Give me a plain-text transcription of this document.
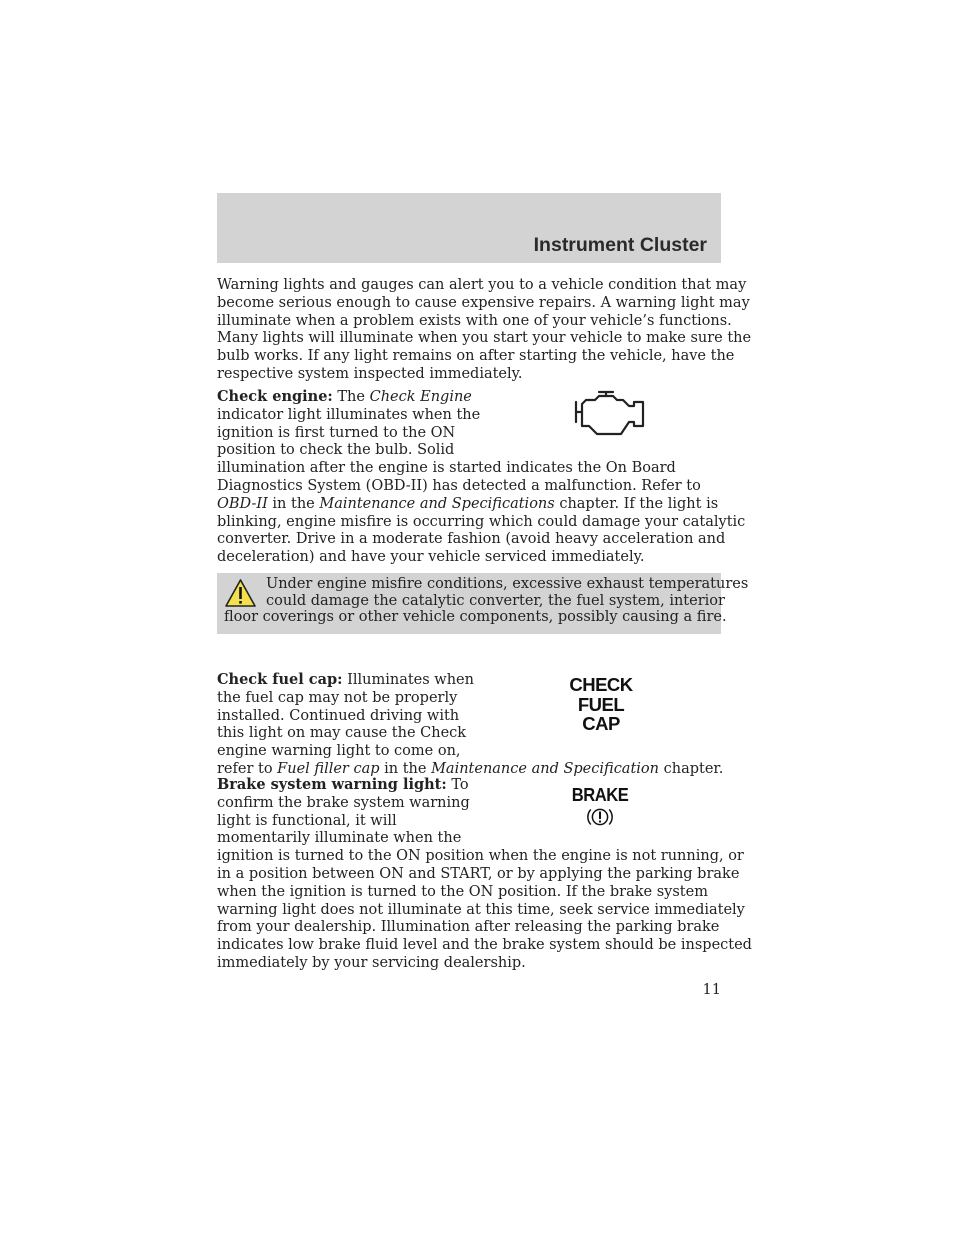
Instrument Cluster

Warning lights and gauges can alert you to a vehicle condition that may

become serious enough to cause expensive repairs. A warning light may

illuminate when a problem exists with one of your vehicle’s functions.

Many lights will illuminate when you start your vehicle to make sure the

bulb works. If any light remains on after starting the vehicle, have the

respective system inspected immediately.

Check engine: The Check Engine

indicator light illuminates when the

ignition is first turned to the ON

position to check the bulb. Solid

illumination after the engine is started indicates the On Board

Diagnostics System (OBD-II) has detected a malfunction. Refer to

OBD-II in the Maintenance and Specifications chapter. If the light is

blinking, engine misfire is occurring which could damage your catalytic

converter. Drive in a moderate fashion (avoid heavy acceleration and

deceleration) and have your vehicle serviced immediately.

Under engine misfire conditions, excessive exhaust temperatures

could damage the catalytic converter, the fuel system, interior

floor coverings or other vehicle components, possibly causing a fire.

Check fuel cap: Illuminates when

the fuel cap may not be properly

installed. Continued driving with

this light on may cause the Check

engine warning light to come on,

refer to Fuel filler cap in the Maintenance and Specification chapter.

CHECK
FUEL
CAP

Brake system warning light: To

confirm the brake system warning

light is functional, it will

momentarily illuminate when the

ignition is turned to the ON position when the engine is not running, or

in a position between ON and START, or by applying the parking brake

when the ignition is turned to the ON position. If the brake system

warning light does not illuminate at this time, seek service immediately

from your dealership. Illumination after releasing the parking brake

indicates low brake fluid level and the brake system should be inspected

immediately by your servicing dealership.

BRAKE

11
